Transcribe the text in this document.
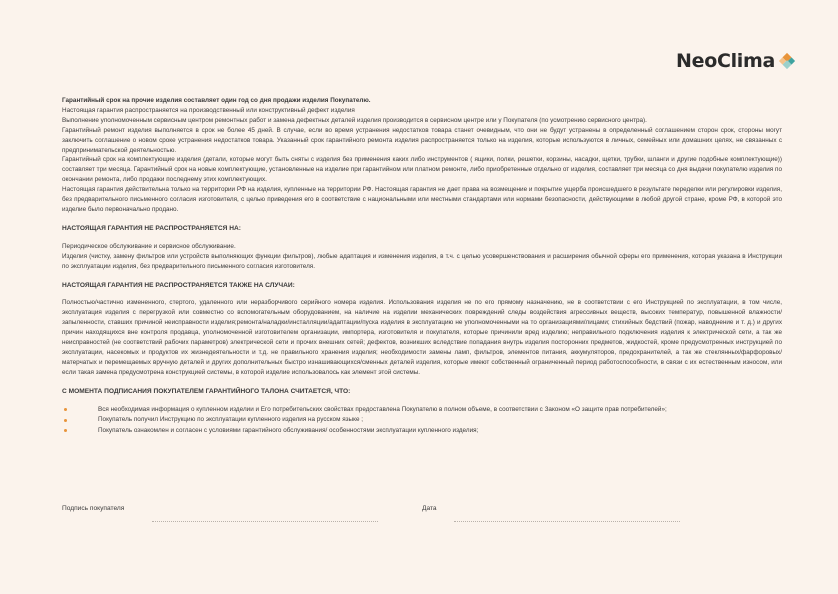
NeoClima

Гарантийный срок на прочие изделия составляет один год со дня продажи изделия Покупателю.

Настоящая гарантия распространяется на производственный или конструктивный дефект изделия

Выполнение уполномоченным сервисным центром ремонтных работ и замена дефектных деталей изделия производится в сервисном центре или у Покупателя (по усмотрению сервисного центра).

Гарантийный ремонт изделия выполняется в срок не более 45 дней. В случае, если во время устранения недостатков товара станет очевидным, что они не будут устранены в определенный соглашением сторон срок, стороны могут заключить соглашение о новом сроке устранения недостатков товара. Указанный срок гарантийного ремонта изделия распространяется только на изделия, которые используются в личных, семейных или домашних целях, не связанных с предпринимательской деятельностью.

Гарантийный срок на комплектующие изделия (детали, которые могут быть сняты с изделия без применения каких либо инструментов ( ящики, полки, решетки, корзины, насадки, щетки, трубки, шланги и другие подобные комплектующие)) составляет три месяца. Гарантийный срок на новые комплектующие, установленные на изделие при гарантийном или платном ремонте, либо приобретенные отдельно от изделия, составляет три месяца со дня выдачи покупателю изделия по окончании ремонта, либо продажи последнему этих комплектующих.

Настоящая гарантия действительна только на территории РФ на изделия, купленные на территории РФ. Настоящая гарантия не дает права на возмещение и покрытие ущерба происшедшего в результате переделки или регулировки изделия, без предварительного письменного согласия изготовителя, с целью приведения его в соответствие с национальными или местными стандартами или нормами безопасности, действующими в любой другой стране, кроме РФ, в которой это изделие было первоначально продано.

НАСТОЯЩАЯ ГАРАНТИЯ НЕ РАСПРОСТРАНЯЕТСЯ НА:

Периодическое обслуживание и сервисное обслуживание.

Изделия (чистку, замену фильтров или устройств выполняющих функции фильтров), любые адаптация и изменения изделия, в т.ч. с целью усовершенствования и расширения обычной сферы его применения, которая указана в Инструкции по эксплуатации изделия, без предварительного письменного согласия изготовителя.

НАСТОЯЩАЯ ГАРАНТИЯ НЕ РАСПРОСТРАНЯЕТСЯ ТАКЖЕ НА СЛУЧАИ:

Полностью/частично измененного, стертого, удаленного или неразборчивого серийного номера изделия. Использования изделия не по его прямому назначению, не в соответствии с его Инструкцией по эксплуатации, в том числе, эксплуатация изделия с перегрузкой или совместно со вспомогательным оборудованием, на наличие на изделии механических повреждений следы воздействия агрессивных веществ, высоких температур, повышенной влажности/запыленности, ставших причиной неисправности изделия;ремонта/наладки/инсталляции/адаптации/пуска изделия в эксплуатацию не уполномоченными на то организациями/лицами; стихийных бедствий (пожар, наводнение и т. д.) и других причин находящихся вне контроля продавца, уполномоченной изготовителем организации, импортера, изготовителя и покупателя, которые причинили вред изделию; неправильного подключения изделия к электрической сети, а так же неисправностей (не соответствий рабочих параметров) электрической сети и прочих внешних сетей; дефектов, возникших вследствие попадания внутрь изделия посторонних предметов, жидкостей, кроме предусмотренных инструкцией по эксплуатации, насекомых и продуктов их жизнедеятельности и т.д. не правильного хранения изделия; необходимости замены ламп, фильтров, элементов питания, аккумуляторов, предохранителей, а так же стеклянных/фарфоровых/матерчатых и перемещаемых вручную деталей и других дополнительных быстро изнашивающихся/сменных деталей изделия, которые имеют собственный ограниченный период работоспособности, в связи с их естественным износом, или если такая замена предусмотрена конструкцией системы, в которой изделие использовалось как элемент этой системы.

С МОМЕНТА ПОДПИСАНИЯ ПОКУПАТЕЛЕМ ГАРАНТИЙНОГО ТАЛОНА СЧИТАЕТСЯ, ЧТО:

Вся необходимая информация о купленном изделии и Его потребительских свойствах предоставлена Покупателю в полном объеме, в соответствии с Законом «О защите прав потребителей»;
Покупатель получил Инструкцию по эксплуатации купленного изделия на русском языке ;
Покупатель ознакомлен и согласен с условиями гарантийного обслуживания/ особенностями эксплуатации купленного изделия;
Подпись покупателя	Дата
